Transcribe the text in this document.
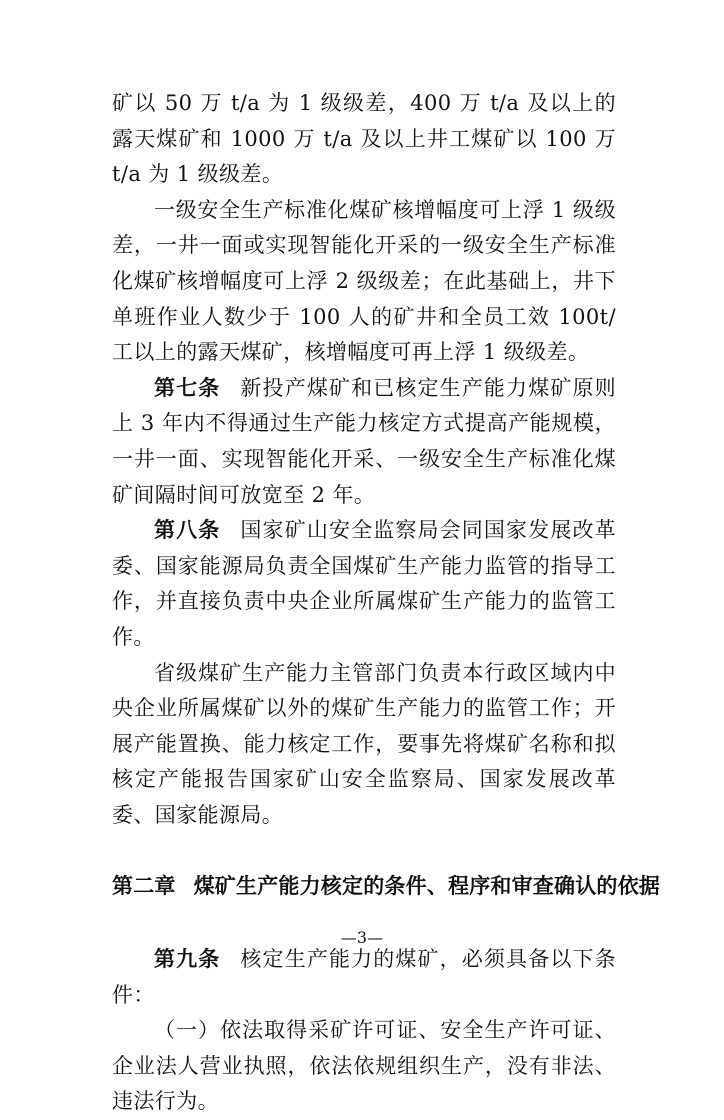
矿以 50 万 t/a 为 1 级级差，400 万 t/a 及以上的露天煤矿和 1000 万 t/a 及以上井工煤矿以 100 万 t/a 为 1 级级差。

一级安全生产标准化煤矿核增幅度可上浮 1 级级差，一井一面或实现智能化开采的一级安全生产标准化煤矿核增幅度可上浮 2 级级差；在此基础上，井下单班作业人数少于 100 人的矿井和全员工效 100t/工以上的露天煤矿，核增幅度可再上浮 1 级级差。

第七条 新投产煤矿和已核定生产能力煤矿原则上 3 年内不得通过生产能力核定方式提高产能规模，一井一面、实现智能化开采、一级安全生产标准化煤矿间隔时间可放宽至 2 年。

第八条 国家矿山安全监察局会同国家发展改革委、国家能源局负责全国煤矿生产能力监管的指导工作，并直接负责中央企业所属煤矿生产能力的监管工作。

省级煤矿生产能力主管部门负责本行政区域内中央企业所属煤矿以外的煤矿生产能力的监管工作；开展产能置换、能力核定工作，要事先将煤矿名称和拟核定产能报告国家矿山安全监察局、国家发展改革委、国家能源局。

第二章 煤矿生产能力核定的条件、程序和审查确认的依据

第九条 核定生产能力的煤矿，必须具备以下条件：

（一）依法取得采矿许可证、安全生产许可证、企业法人营业执照，依法依规组织生产，没有非法、违法行为。

—3—
